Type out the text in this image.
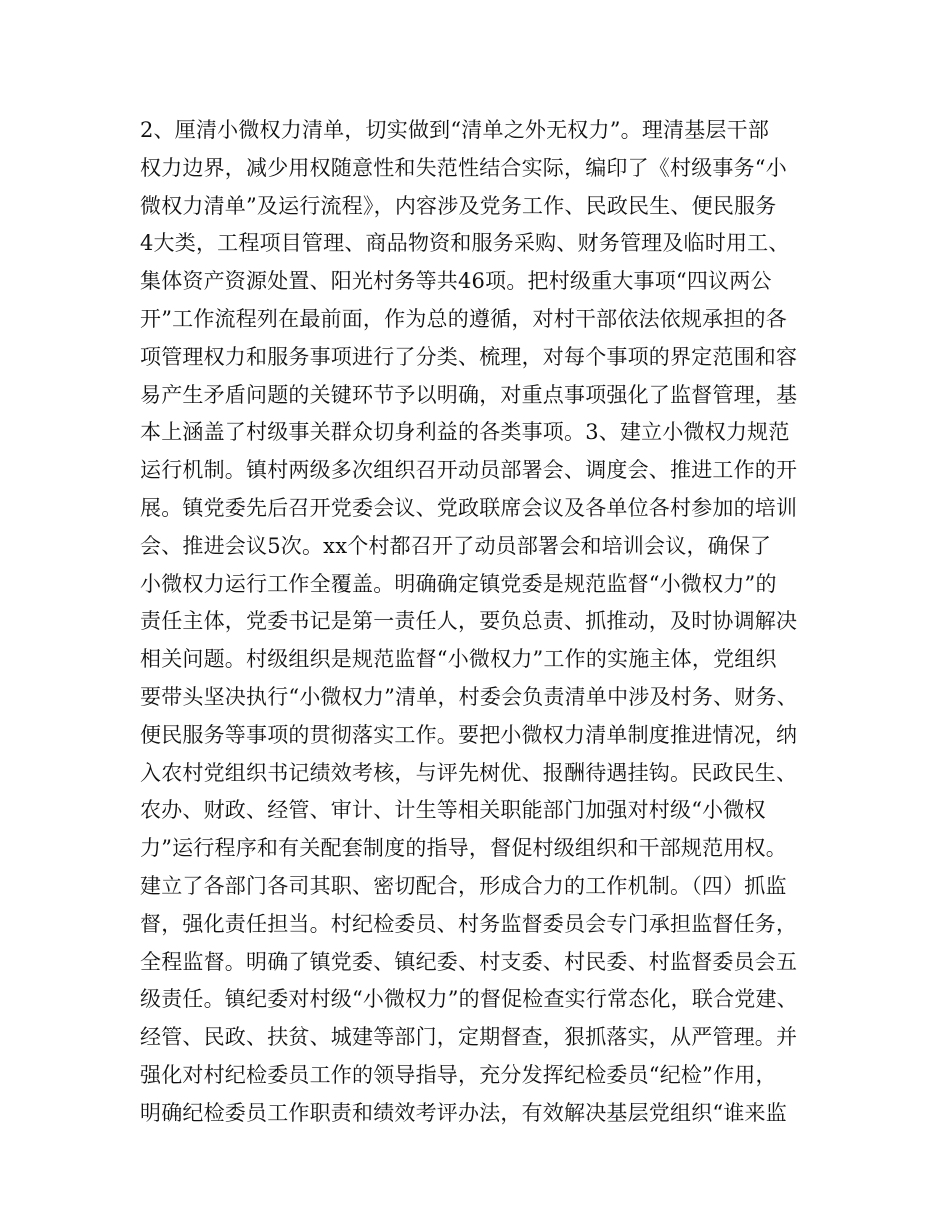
2、厘清小微权力清单，切实做到“清单之外无权力”。理清基层干部
权力边界，减少用权随意性和失范性结合实际，编印了《村级事务“小
微权力清单”及运行流程》，内容涉及党务工作、民政民生、便民服务
4大类，工程项目管理、商品物资和服务采购、财务管理及临时用工、
集体资产资源处置、阳光村务等共46项。把村级重大事项“四议两公
开”工作流程列在最前面，作为总的遵循，对村干部依法依规承担的各
项管理权力和服务事项进行了分类、梳理，对每个事项的界定范围和容
易产生矛盾问题的关键环节予以明确，对重点事项强化了监督管理，基
本上涵盖了村级事关群众切身利益的各类事项。3、建立小微权力规范
运行机制。镇村两级多次组织召开动员部署会、调度会、推进工作的开
展。镇党委先后召开党委会议、党政联席会议及各单位各村参加的培训
会、推进会议5次。xx个村都召开了动员部署会和培训会议，确保了
小微权力运行工作全覆盖。明确确定镇党委是规范监督“小微权力”的
责任主体，党委书记是第一责任人，要负总责、抓推动，及时协调解决
相关问题。村级组织是规范监督“小微权力”工作的实施主体，党组织
要带头坚决执行“小微权力”清单，村委会负责清单中涉及村务、财务、
便民服务等事项的贯彻落实工作。要把小微权力清单制度推进情况，纳
入农村党组织书记绩效考核，与评先树优、报酬待遇挂钩。民政民生、
农办、财政、经管、审计、计生等相关职能部门加强对村级“小微权
力”运行程序和有关配套制度的指导，督促村级组织和干部规范用权。
建立了各部门各司其职、密切配合，形成合力的工作机制。（四）抓监
督，强化责任担当。村纪检委员、村务监督委员会专门承担监督任务，
全程监督。明确了镇党委、镇纪委、村支委、村民委、村监督委员会五
级责任。镇纪委对村级“小微权力”的督促检查实行常态化，联合党建、
经管、民政、扶贫、城建等部门，定期督查，狠抓落实，从严管理。并
强化对村纪检委员工作的领导指导，充分发挥纪检委员“纪检”作用，
明确纪检委员工作职责和绩效考评办法，有效解决基层党组织“谁来监
